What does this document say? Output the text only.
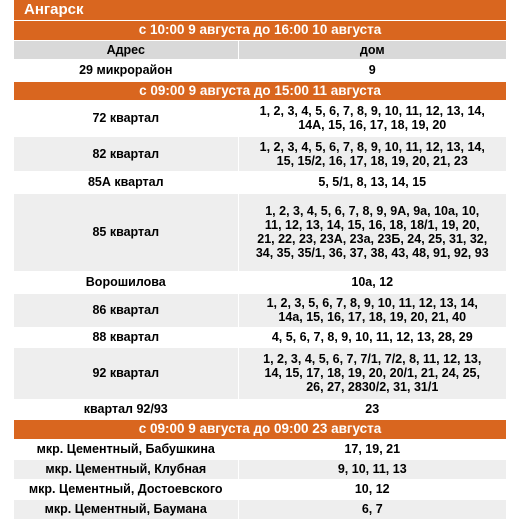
Ангарск	
с 10:00 9 августа до 16:00 10 августа	
Адрес	дом
29 микрорайон	9

с 09:00 9 августа до 15:00 11 августа	
72 квартал	1, 2, 3, 4, 5, 6, 7, 8, 9, 10, 11, 12, 13, 14,
14А, 15, 16, 17, 18, 19, 20

82 квартал	1, 2, 3, 4, 5, 6, 7, 8, 9, 10, 11, 12, 13, 14,
15, 15/2, 16, 17, 18, 19, 20, 21, 23

85А квартал	5, 5/1, 8, 13, 14, 15

85 квартал	1, 2, 3, 4, 5, 6, 7, 8, 9, 9А, 9а, 10а, 10,
11, 12, 13, 14, 15, 16, 18, 18/1, 19, 20,
21, 22, 23, 23А, 23а, 23Б, 24, 25, 31, 32,
34, 35, 35/1, 36, 37, 38, 43, 48, 91, 92, 93

Ворошилова	10а, 12

86 квартал	1, 2, 3, 5, 6, 7, 8, 9, 10, 11, 12, 13, 14,
14а, 15, 16, 17, 18, 19, 20, 21, 40

88 квартал	4, 5, 6, 7, 8, 9, 10, 11, 12, 13, 28, 29

92 квартал	1, 2, 3, 4, 5, 6, 7, 7/1, 7/2, 8, 11, 12, 13,
14, 15, 17, 18, 19, 20, 20/1, 21, 24, 25,
26, 27, 2830/2, 31, 31/1

квартал 92/93	23

с 09:00 9 августа до 09:00 23 августа	
мкр. Цементный, Бабушкина	17, 19, 21

мкр. Цементный, Клубная	9, 10, 11, 13

мкр. Цементный, Достоевского	10, 12

мкр. Цементный, Баумана	6, 7
